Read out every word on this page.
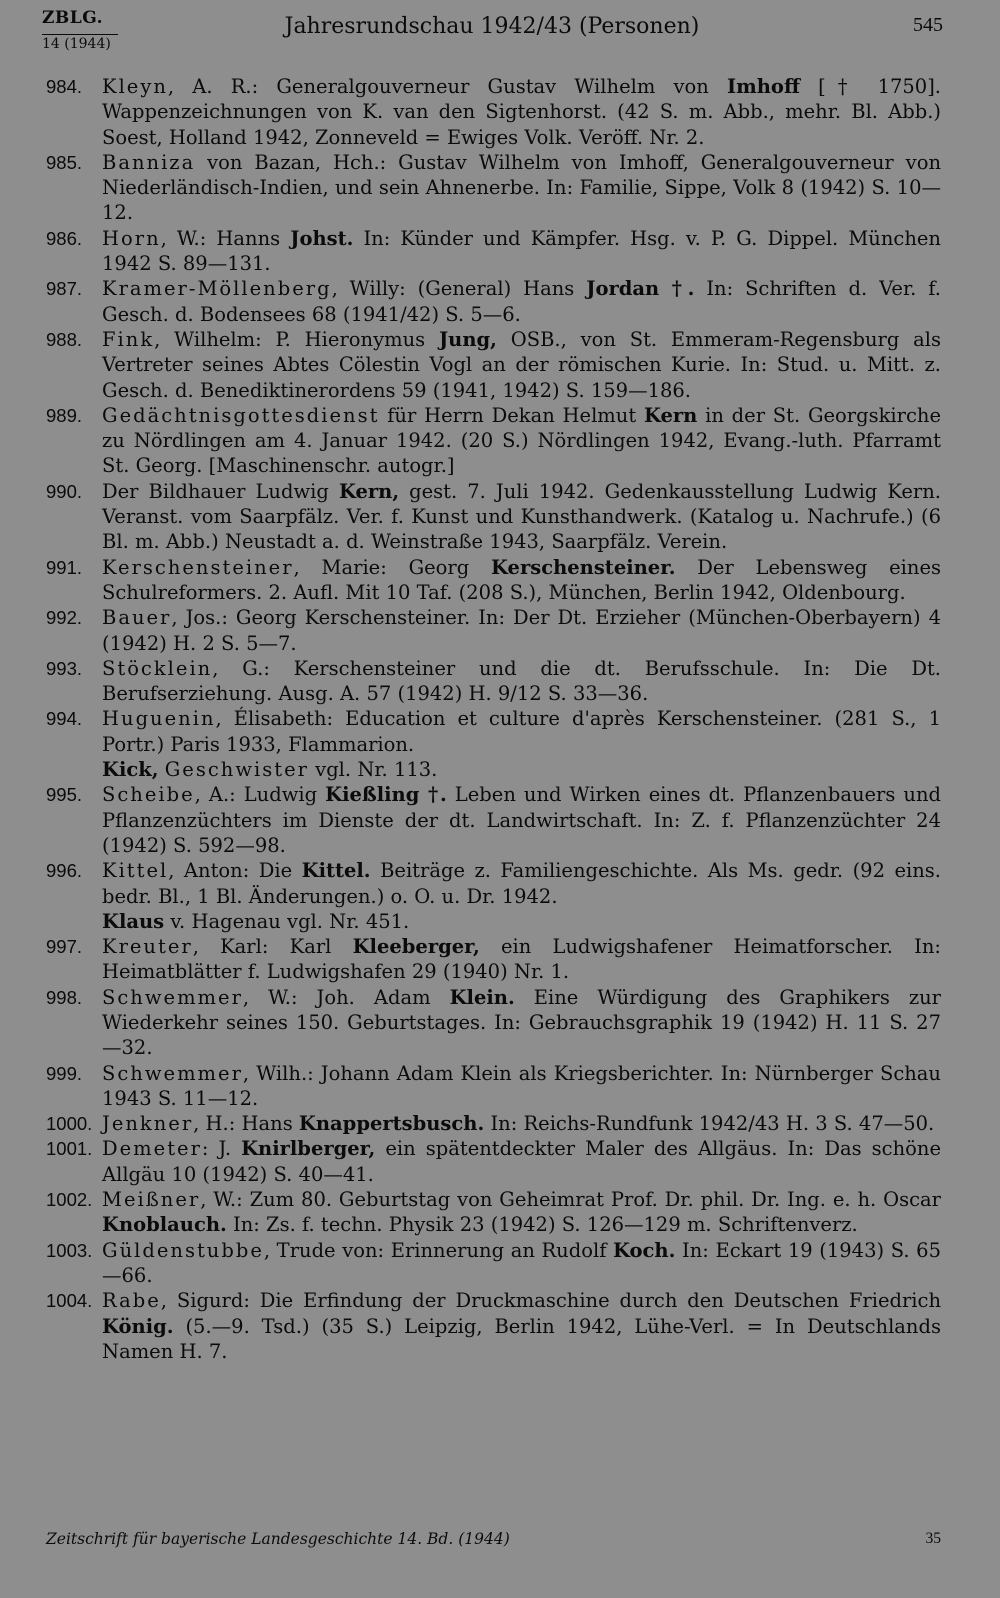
ZBLG.
14 (1944)
Jahresrundschau 1942/43 (Personen)	545

984.	Kleyn, A. R.: Generalgouverneur Gustav Wilhelm von Imhoff [† 1750]. Wappenzeichnungen von K. van den Sigtenhorst. (42 S. m. Abb., mehr. Bl. Abb.) Soest, Holland 1942, Zonneveld = Ewiges Volk. Veröff. Nr. 2.

985.	Banniza von Bazan, Hch.: Gustav Wilhelm von Imhoff, Generalgouverneur von Niederländisch-Indien, und sein Ahnenerbe. In: Familie, Sippe, Volk 8 (1942) S. 10—12.

986.	Horn, W.: Hanns Johst. In: Künder und Kämpfer. Hsg. v. P. G. Dippel. München 1942 S. 89—131.

987.	Kramer-Möllenberg, Willy: (General) Hans Jordan †. In: Schriften d. Ver. f. Gesch. d. Bodensees 68 (1941/42) S. 5—6.

988.	Fink, Wilhelm: P. Hieronymus Jung, OSB., von St. Emmeram-Regensburg als Vertreter seines Abtes Cölestin Vogl an der römischen Kurie. In: Stud. u. Mitt. z. Gesch. d. Benediktinerordens 59 (1941, 1942) S. 159—186.

989.	Gedächtnisgottesdienst für Herrn Dekan Helmut Kern in der St. Georgskirche zu Nördlingen am 4. Januar 1942. (20 S.) Nördlingen 1942, Evang.-luth. Pfarramt St. Georg. [Maschinenschr. autogr.]

990.	Der Bildhauer Ludwig Kern, gest. 7. Juli 1942. Gedenkausstellung Ludwig Kern. Veranst. vom Saarpfälz. Ver. f. Kunst und Kunsthandwerk. (Katalog u. Nachrufe.) (6 Bl. m. Abb.) Neustadt a. d. Weinstraße 1943, Saarpfälz. Verein.

991.	Kerschensteiner, Marie: Georg Kerschensteiner. Der Lebensweg eines Schulreformers. 2. Aufl. Mit 10 Taf. (208 S.), München, Berlin 1942, Oldenbourg.

992.	Bauer, Jos.: Georg Kerschensteiner. In: Der Dt. Erzieher (München-Oberbayern) 4 (1942) H. 2 S. 5—7.

993.	Stöcklein, G.: Kerschensteiner und die dt. Berufsschule. In: Die Dt. Berufserziehung. Ausg. A. 57 (1942) H. 9/12 S. 33—36.

994.	Huguenin, Élisabeth: Education et culture d'après Kerschensteiner. (281 S., 1 Portr.) Paris 1933, Flammarion.

Kick, Geschwister vgl. Nr. 113.

995.	Scheibe, A.: Ludwig Kießling †. Leben und Wirken eines dt. Pflanzenbauers und Pflanzenzüchters im Dienste der dt. Landwirtschaft. In: Z. f. Pflanzenzüchter 24 (1942) S. 592—98.

996.	Kittel, Anton: Die Kittel. Beiträge z. Familiengeschichte. Als Ms. gedr. (92 eins. bedr. Bl., 1 Bl. Änderungen.) o. O. u. Dr. 1942.

Klaus v. Hagenau vgl. Nr. 451.

997.	Kreuter, Karl: Karl Kleeberger, ein Ludwigshafener Heimatforscher. In: Heimatblätter f. Ludwigshafen 29 (1940) Nr. 1.

998.	Schwemmer, W.: Joh. Adam Klein. Eine Würdigung des Graphikers zur Wiederkehr seines 150. Geburtstages. In: Gebrauchsgraphik 19 (1942) H. 11 S. 27—32.

999.	Schwemmer, Wilh.: Johann Adam Klein als Kriegsberichter. In: Nürnberger Schau 1943 S. 11—12.

1000. Jenkner, H.: Hans Knappertsbusch. In: Reichs-Rundfunk 1942/43 H. 3 S. 47—50.

1001. Demeter: J. Knirlberger, ein spätentdeckter Maler des Allgäus. In: Das schöne Allgäu 10 (1942) S. 40—41.

1002. Meißner, W.: Zum 80. Geburtstag von Geheimrat Prof. Dr. phil. Dr. Ing. e. h. Oscar Knoblauch. In: Zs. f. techn. Physik 23 (1942) S. 126—129 m. Schriftenverz.

1003. Güldenstubbe, Trude von: Erinnerung an Rudolf Koch. In: Eckart 19 (1943) S. 65—66.

1004. Rabe, Sigurd: Die Erfindung der Druckmaschine durch den Deutschen Friedrich König. (5.—9. Tsd.) (35 S.) Leipzig, Berlin 1942, Lühe-Verl. = In Deutschlands Namen H. 7.

Zeitschrift für bayerische Landesgeschichte 14. Bd. (1944)	35
